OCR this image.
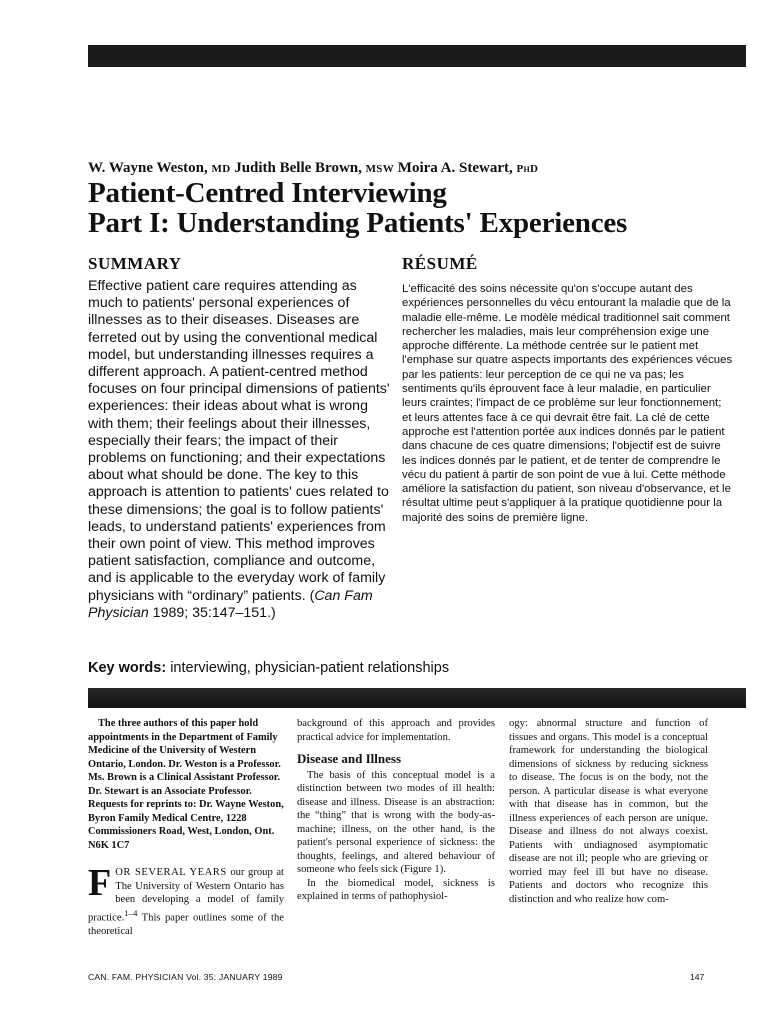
W. Wayne Weston, MD Judith Belle Brown, MSW Moira A. Stewart, PhD
Patient-Centred Interviewing
Part I: Understanding Patients' Experiences
SUMMARY	RÉSUMÉ
Effective patient care requires attending as much to patients' personal experiences of illnesses as to their diseases. Diseases are ferreted out by using the conventional medical model, but understanding illnesses requires a different approach. A patient-centred method focuses on four principal dimensions of patients' experiences: their ideas about what is wrong with them; their feelings about their illnesses, especially their fears; the impact of their problems on functioning; and their expectations about what should be done. The key to this approach is attention to patients' cues related to these dimensions; the goal is to follow patients' leads, to understand patients' experiences from their own point of view. This method improves patient satisfaction, compliance and outcome, and is applicable to the everyday work of family physicians with “ordinary” patients. (Can Fam Physician 1989; 35:147–151.)
L'efficacité des soins nécessite qu'on s'occupe autant des expériences personnelles du vécu entourant la maladie que de la maladie elle-même. Le modèle médical traditionnel sait comment rechercher les maladies, mais leur compréhension exige une approche différente. La méthode centrée sur le patient met l'emphase sur quatre aspects importants des expériences vécues par les patients: leur perception de ce qui ne va pas; les sentiments qu'ils éprouvent face à leur maladie, en particulier leurs craintes; l'impact de ce problème sur leur fonctionnement; et leurs attentes face à ce qui devrait être fait. La clé de cette approche est l'attention portée aux indices donnés par le patient dans chacune de ces quatre dimensions; l'objectif est de suivre les indices donnés par le patient, et de tenter de comprendre le vécu du patient à partir de son point de vue à lui. Cette méthode améliore la satisfaction du patient, son niveau d'observance, et le résultat ultime peut s'appliquer à la pratique quotidienne pour la majorité des soins de première ligne.
Key words: interviewing, physician-patient relationships

The three authors of this paper hold appointments in the Department of Family Medicine of the University of Western Ontario, London. Dr. Weston is a Professor. Ms. Brown is a Clinical Assistant Professor. Dr. Stewart is an Associate Professor. Requests for reprints to: Dr. Wayne Weston, Byron Family Medical Centre, 1228 Commissioners Road, West, London, Ont. N6K 1C7

FOR SEVERAL YEARS our group at The University of Western Ontario has been developing a model of family practice.$^{1-4}$ This paper outlines some of the theoretical

background of this approach and provides practical advice for implementation.

Disease and Illness

The basis of this conceptual model is a distinction between two modes of ill health: disease and illness. Disease is an abstraction: the “thing” that is wrong with the body-as-machine; illness, on the other hand, is the patient's personal experience of sickness: the thoughts, feelings, and altered behaviour of someone who feels sick (Figure 1).

In the biomedical model, sickness is explained in terms of pathophysiol-

ogy: abnormal structure and function of tissues and organs. This model is a conceptual framework for understanding the biological dimensions of sickness by reducing sickness to disease. The focus is on the body, not the person. A particular disease is what everyone with that disease has in common, but the illness experiences of each person are unique. Disease and illness do not always coexist. Patients with undiagnosed asymptomatic disease are not ill; people who are grieving or worried may feel ill but have no disease. Patients and doctors who recognize this distinction and who realize how com-

CAN. FAM. PHYSICIAN Vol. 35: JANUARY 1989	147
